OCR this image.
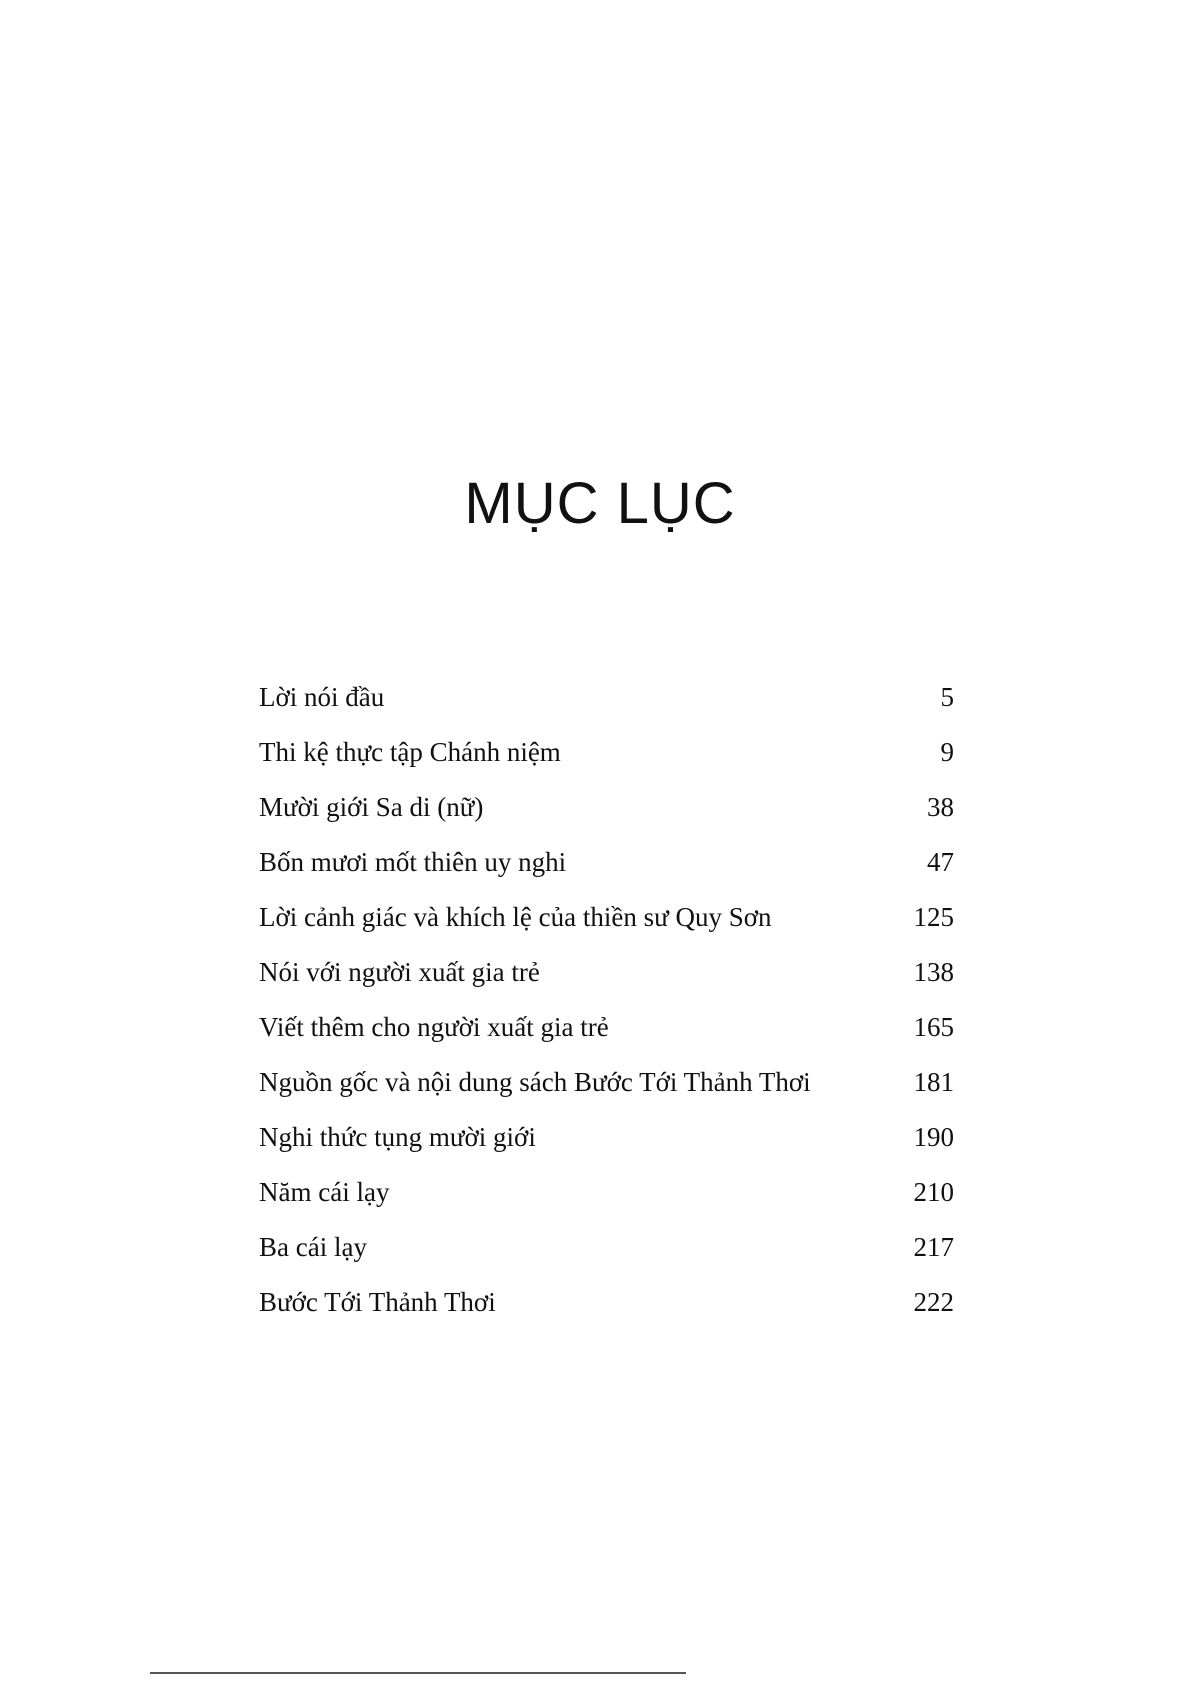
MỤC LỤC
Lời nói đầu	5
Thi kệ thực tập Chánh niệm	9
Mười giới Sa di (nữ)	38
Bốn mươi mốt thiên uy nghi	47
Lời cảnh giác và khích lệ của thiền sư Quy Sơn	125
Nói với người xuất gia trẻ	138
Viết thêm cho người xuất gia trẻ	165
Nguồn gốc và nội dung sách Bước Tới Thảnh Thơi	181
Nghi thức tụng mười giới	190
Năm cái lạy	210
Ba cái lạy	217
Bước Tới Thảnh Thơi	222
